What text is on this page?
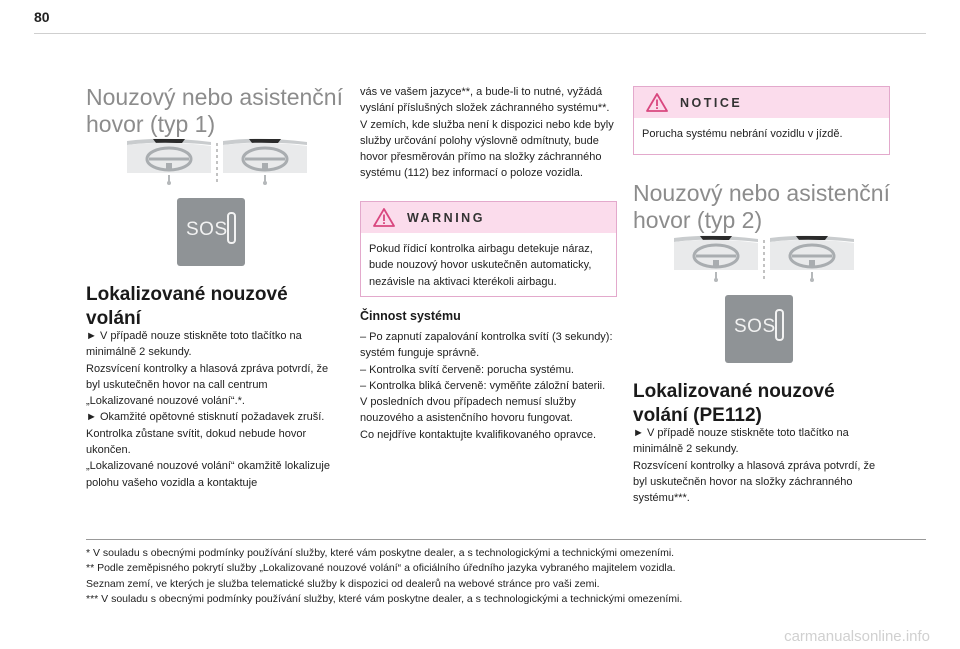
80
Nouzový nebo asistenční hovor (typ 1)
SOS
Lokalizované nouzové volání

► V případě nouze stiskněte toto tlačítko na minimálně 2 sekundy.

Rozsvícení kontrolky a hlasová zpráva potvrdí, že byl uskutečněn hovor na call centrum „Lokalizované nouzové volání“.*.

► Okamžité opětovné stisknutí požadavek zruší.

Kontrolka zůstane svítit, dokud nebude hovor ukončen.

„Lokalizované nouzové volání“ okamžitě lokalizuje polohu vašeho vozidla a kontaktuje

vás ve vašem jazyce**, a bude-li to nutné, vyžádá vyslání příslušných složek záchranného systému**. V zemích, kde služba není k dispozici nebo kde byly služby určování polohy výslovně odmítnuty, bude hovor přesměrován přímo na složky záchranného systému (112) bez informací o poloze vozidla.
WARNING
Pokud řídicí kontrolka airbagu detekuje náraz, bude nouzový hovor uskutečněn automaticky, nezávisle na aktivaci kterékoli airbagu.
Činnost systému

– Po zapnutí zapalování kontrolka svítí (3 sekundy): systém funguje správně.

– Kontrolka svítí červeně: porucha systému.

– Kontrolka bliká červeně: vyměňte záložní baterii.

V posledních dvou případech nemusí služby nouzového a asistenčního hovoru fungovat.

Co nejdříve kontaktujte kvalifikovaného opravce.

NOTICE
Porucha systému nebrání vozidlu v jízdě.
Nouzový nebo asistenční hovor (typ 2)
SOS
Lokalizované nouzové volání (PE112)

► V případě nouze stiskněte toto tlačítko na minimálně 2 sekundy.

Rozsvícení kontrolky a hlasová zpráva potvrdí, že byl uskutečněn hovor na složky záchranného systému***.

* V souladu s obecnými podmínky používání služby, které vám poskytne dealer, a s technologickými a technickými omezeními.

** Podle zeměpisného pokrytí služby „Lokalizované nouzové volání“ a oficiálního úředního jazyka vybraného majitelem vozidla.

Seznam zemí, ve kterých je služba telematické služby k dispozici od dealerů na webové stránce pro vaši zemi.

*** V souladu s obecnými podmínky používání služby, které vám poskytne dealer, a s technologickými a technickými omezeními.

carmanualsonline.info
